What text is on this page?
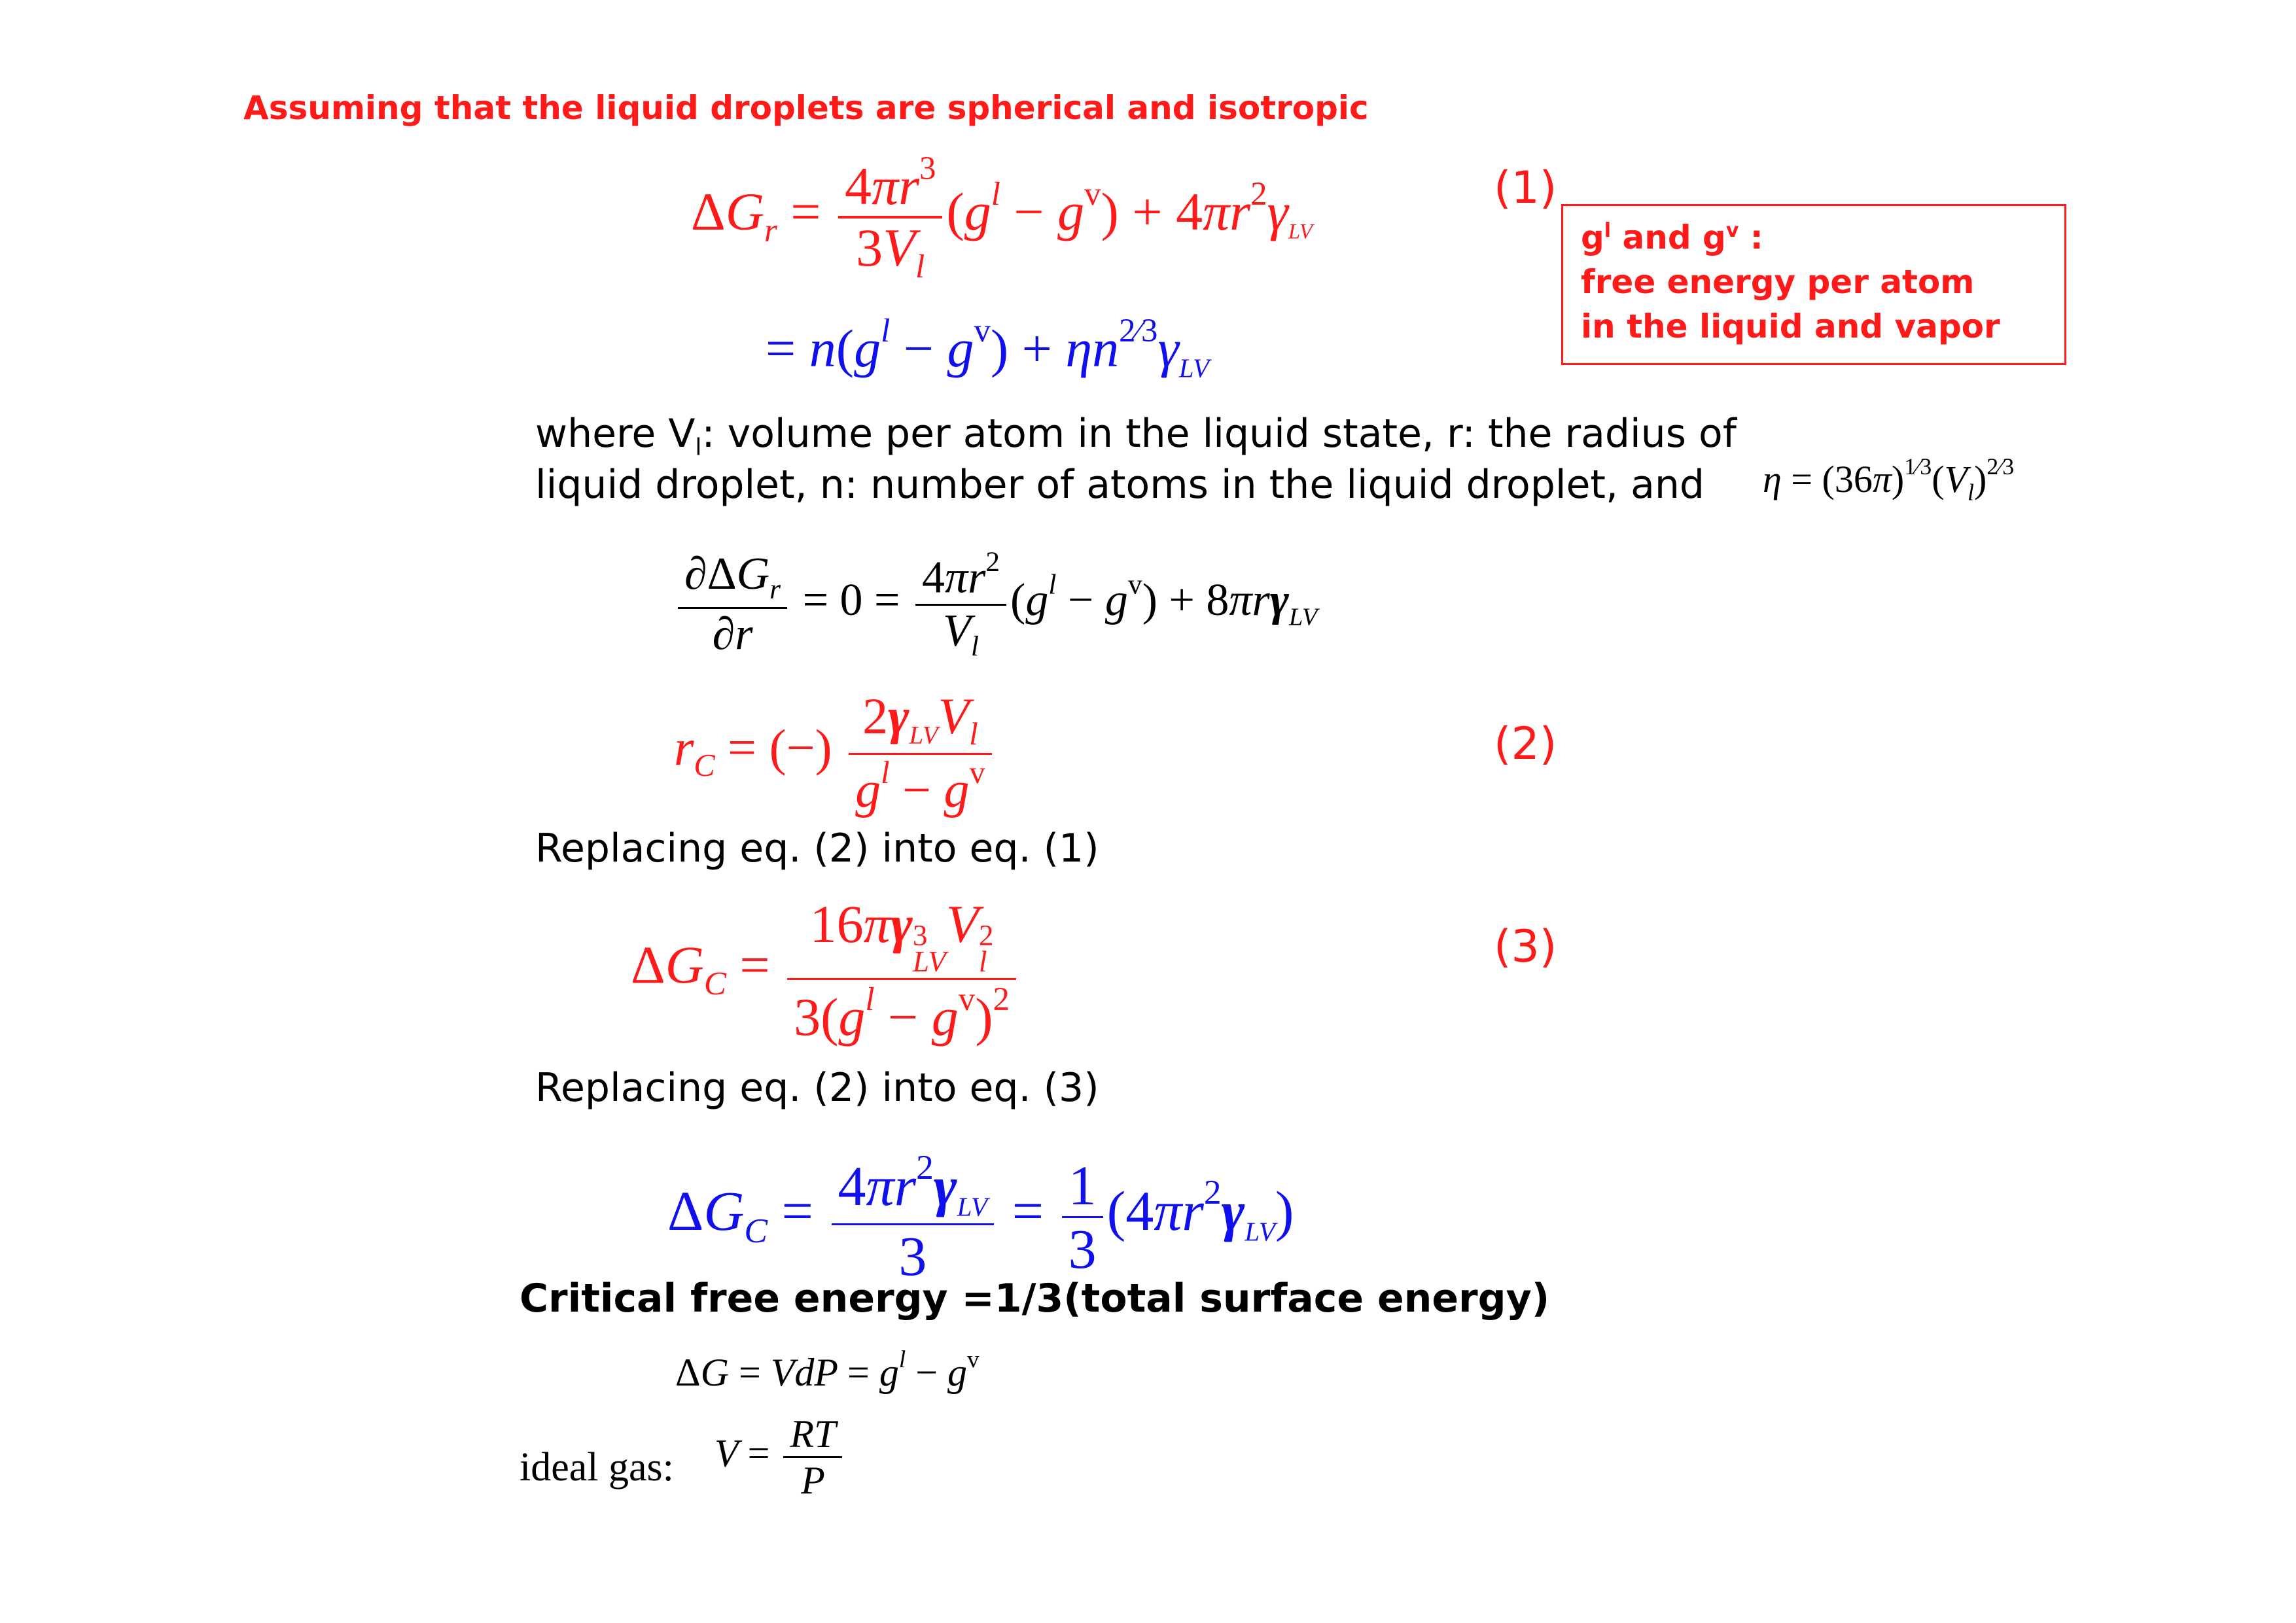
Assuming that the liquid droplets are spherical and isotropic
$\Delta G_r = \frac{4\pi r^3}{3V_l} (g^l - g^v) + 4\pi r^2\gamma LV$
= $n(g^l - g^v) + \eta n^{2⁄3}\gamma LV$
(1)
(2)
(3)
$g^l$ and $g^v$ :
free energy per atom
in the liquid and vapor
where $V_l$: volume per atom in the liquid state, r: the radius of
liquid droplet, n: number of atoms in the liquid droplet, and $\eta = (36\pi)^{1⁄3}(V_l)^{2⁄3}$
$\frac{\partial\Delta G_r}{\partial r} = 0 = \frac{4\pi r^2}{V_l} (g^l - g^v) + 8\pi r\gamma_{LV}$
$r_C$ = (−) $\frac{2\gamma LVV_l}{g^l - g^v}$
Replacing eq. (2) into eq. (1)
$\Delta G_C = 16\pi\gamma$ 3
LV
V 2
l
$3(g^l - g^v)^2$
Replacing eq. (2) into eq. (3)
$\Delta G_C = \frac{4\pi r^2\gamma LV}{3} = \frac{1}{3} (4\pi r^2\gamma LV)$
Critical free energy =1/3(total surface energy)
ΔG = VdP = $g^l - g^v$
ideal gas: $V = \frac{RT}{P}$
